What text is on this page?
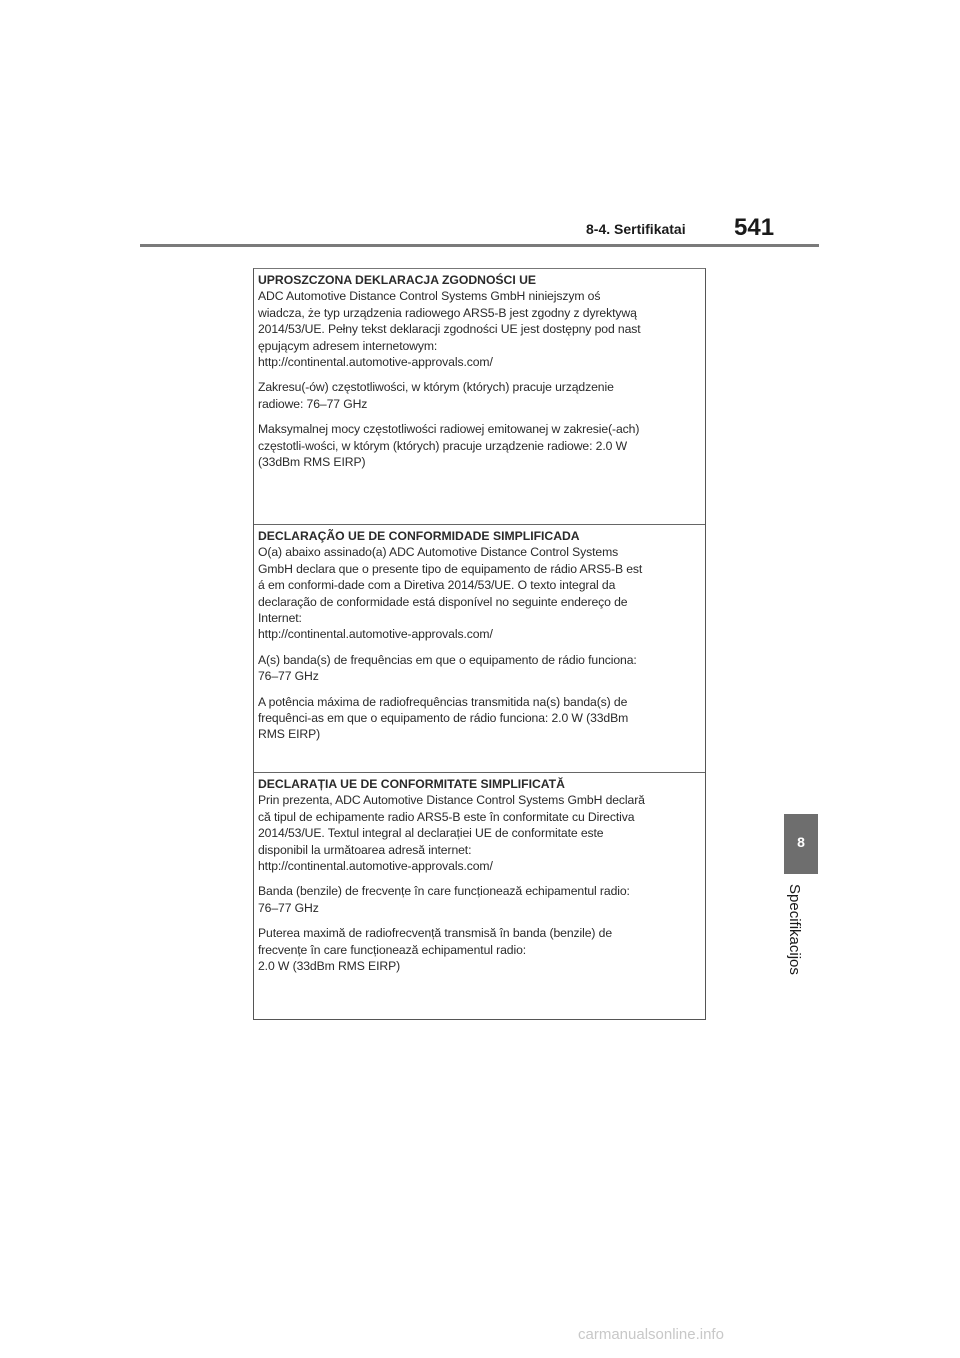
8-4. Sertifikatai 541
8
Specifikacijos
UPROSZCZONA DEKLARACJA ZGODNOŚCI UE

ADC Automotive Distance Control Systems GmbH niniejszym oś
wiadcza, że typ urządzenia radiowego ARS5-B jest zgodny z dyrektywą
2014/53/UE. Pełny tekst deklaracji zgodności UE jest dostępny pod nast
ępującym adresem internetowym:
http://continental.automotive-approvals.com/

Zakresu(-ów) częstotliwości, w którym (których) pracuje urządzenie
radiowe: 76–77 GHz

Maksymalnej mocy częstotliwości radiowej emitowanej w zakresie(-ach)
częstotli-wości, w którym (których) pracuje urządzenie radiowe: 2.0 W
(33dBm RMS EIRP)

DECLARAÇÃO UE DE CONFORMIDADE SIMPLIFICADA

O(a) abaixo assinado(a) ADC Automotive Distance Control Systems
GmbH declara que o presente tipo de equipamento de rádio ARS5-B est
á em conformi-dade com a Diretiva 2014/53/UE. O texto integral da
declaração de conformidade está disponível no seguinte endereço de
Internet:
http://continental.automotive-approvals.com/

A(s) banda(s) de frequências em que o equipamento de rádio funciona:
76–77 GHz

A potência máxima de radiofrequências transmitida na(s) banda(s) de
frequênci-as em que o equipamento de rádio funciona: 2.0 W (33dBm
RMS EIRP)

DECLARAȚIA UE DE CONFORMITATE SIMPLIFICATĂ

Prin prezenta, ADC Automotive Distance Control Systems GmbH declară
că tipul de echipamente radio ARS5-B este în conformitate cu Directiva
2014/53/UE. Textul integral al declarației UE de conformitate este
disponibil la următoarea adresă internet:
http://continental.automotive-approvals.com/

Banda (benzile) de frecvențe în care funcționează echipamentul radio:
76–77 GHz

Puterea maximă de radiofrecvență transmisă în banda (benzile) de
frecvențe în care funcționează echipamentul radio:
2.0 W (33dBm RMS EIRP)

carmanualsonline.info
